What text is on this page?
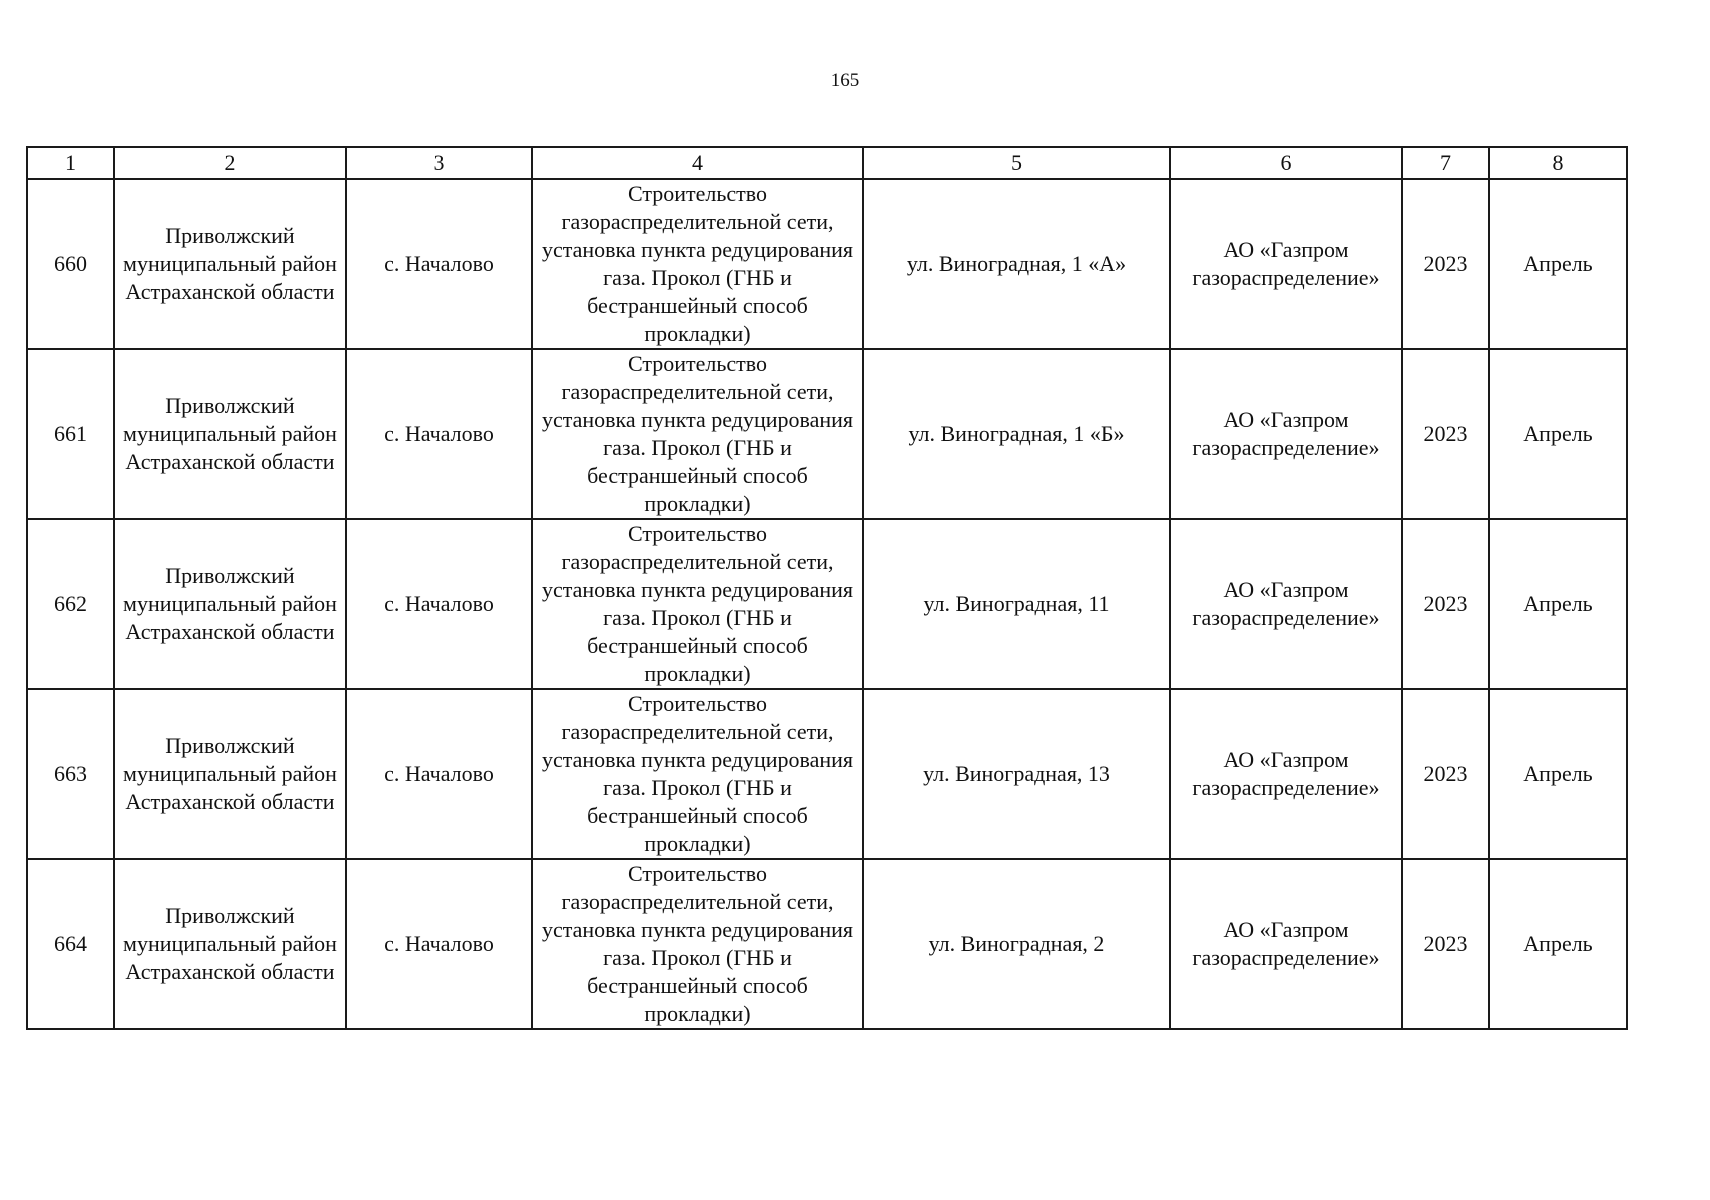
165
1	2	3	4	5	6	7	8
660	Приволжский муниципальный район Астраханской области	с. Началово	Строительство газораспределительной сети, установка пункта редуцирования газа. Прокол (ГНБ и бестраншейный способ прокладки)	ул. Виноградная, 1 «А»	АО «Газпром газораспределение»	2023	Апрель
661	Приволжский муниципальный район Астраханской области	с. Началово	Строительство газораспределительной сети, установка пункта редуцирования газа. Прокол (ГНБ и бестраншейный способ прокладки)	ул. Виноградная, 1 «Б»	АО «Газпром газораспределение»	2023	Апрель
662	Приволжский муниципальный район Астраханской области	с. Началово	Строительство газораспределительной сети, установка пункта редуцирования газа. Прокол (ГНБ и бестраншейный способ прокладки)	ул. Виноградная, 11	АО «Газпром газораспределение»	2023	Апрель
663	Приволжский муниципальный район Астраханской области	с. Началово	Строительство газораспределительной сети, установка пункта редуцирования газа. Прокол (ГНБ и бестраншейный способ прокладки)	ул. Виноградная, 13	АО «Газпром газораспределение»	2023	Апрель
664	Приволжский муниципальный район Астраханской области	с. Началово	Строительство газораспределительной сети, установка пункта редуцирования газа. Прокол (ГНБ и бестраншейный способ прокладки)	ул. Виноградная, 2	АО «Газпром газораспределение»	2023	Апрель
